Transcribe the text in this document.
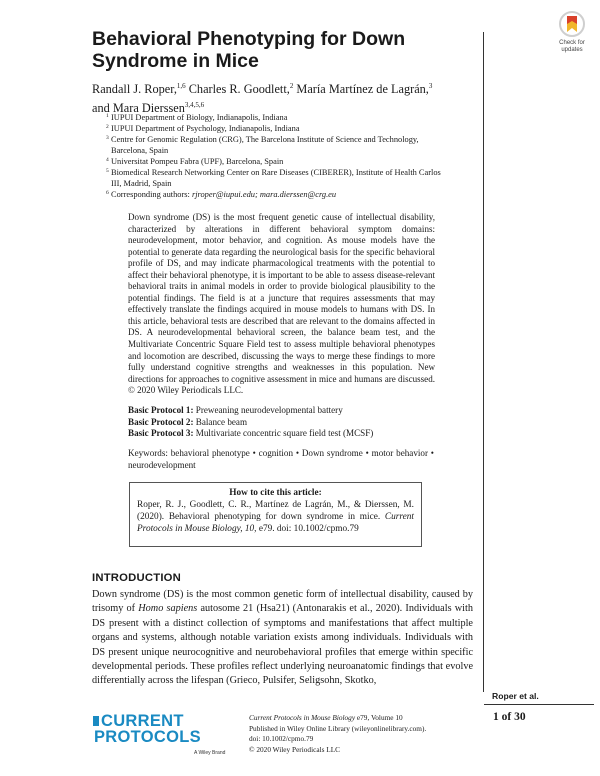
Check for
updates
Behavioral Phenotyping for Down Syndrome in Mice
Randall J. Roper,$^{1,6}$ Charles R. Goodlett,$^2$ María Martínez de Lagrán,$^3$
and Mara Dierssen$^{3,4,5,6}$
1 IUPUI Department of Biology, Indianapolis, Indiana
2 IUPUI Department of Psychology, Indianapolis, Indiana
3 Centre for Genomic Regulation (CRG), The Barcelona Institute of Science and Technology, Barcelona, Spain
4 Universitat Pompeu Fabra (UPF), Barcelona, Spain
5 Biomedical Research Networking Center on Rare Diseases (CIBERER), Institute of Health Carlos III, Madrid, Spain
6 Corresponding authors: rjroper@iupui.edu; mara.dierssen@crg.eu

Down syndrome (DS) is the most frequent genetic cause of intellectual disability, characterized by alterations in different behavioral symptom domains: neurodevelopment, motor behavior, and cognition. As mouse models have the potential to generate data regarding the neurological basis for the specific behavioral profile of DS, and may indicate pharmacological treatments with the potential to affect their behavioral phenotype, it is important to be able to assess disease-relevant behavioral traits in animal models in order to provide biological plausibility to the potential findings. The field is at a juncture that requires assessments that may effectively translate the findings acquired in mouse models to humans with DS. In this article, behavioral tests are described that are relevant to the domains affected in DS. A neurodevelopmental behavioral screen, the balance beam test, and the Multivariate Concentric Square Field test to assess multiple behavioral phenotypes and locomotion are described, discussing the ways to merge these findings to more fully understand cognitive strengths and weaknesses in this population. New directions for approaches to cognitive assessment in mice and humans are discussed. © 2020 Wiley Periodicals LLC.

Basic Protocol 1: Preweaning neurodevelopmental battery
Basic Protocol 2: Balance beam
Basic Protocol 3: Multivariate concentric square field test (MCSF)
Keywords: behavioral phenotype • cognition • Down syndrome • motor behavior • neurodevelopment
How to cite this article:
Roper, R. J., Goodlett, C. R., Martínez de Lagrán, M., & Dierssen, M. (2020). Behavioral phenotyping for down syndrome in mice. Current Protocols in Mouse Biology, 10, e79. doi: 10.1002/cpmo.79
INTRODUCTION

Down syndrome (DS) is the most common genetic form of intellectual disability, caused by trisomy of Homo sapiens autosome 21 (Hsa21) (Antonarakis et al., 2020). Individuals with DS present with a distinct collection of symptoms and manifestations that affect multiple organs and systems, although notable variation exists among individuals. Individuals with DS present unique neurocognitive and neurobehavioral profiles that emerge within specific developmental periods. These profiles reflect underlying neuroanatomic findings that evolve differentially across the lifespan (Grieco, Pulsifer, Seligsohn, Skotko,

Roper et al.
1 of 30
CURRENT
PROTOCOLS
A Wiley Brand
Current Protocols in Mouse Biology e79, Volume 10
Published in Wiley Online Library (wileyonlinelibrary.com).
doi: 10.1002/cpmo.79
© 2020 Wiley Periodicals LLC
